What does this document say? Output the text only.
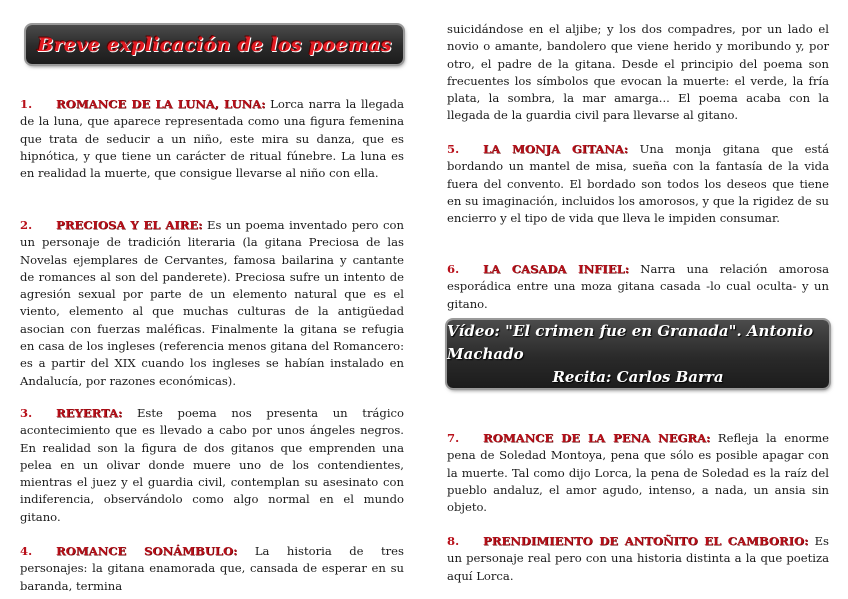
Breve explicación de los poemas

1. ROMANCE DE LA LUNA, LUNA: Lorca narra la llegada de la luna, que aparece representada como una figura femenina que trata de seducir a un niño, este mira su danza, que es hipnótica, y que tiene un carácter de ritual fúnebre. La luna es en realidad la muerte, que consigue llevarse al niño con ella.

2. PRECIOSA Y EL AIRE: Es un poema inventado pero con un personaje de tradición literaria (la gitana Preciosa de las Novelas ejemplares de Cervantes, famosa bailarina y cantante de romances al son del panderete). Preciosa sufre un intento de agresión sexual por parte de un elemento natural que es el viento, elemento al que muchas culturas de la antigüedad asocian con fuerzas maléficas. Finalmente la gitana se refugia en casa de los ingleses (referencia menos gitana del Romancero: es a partir del XIX cuando los ingleses se habían instalado en Andalucía, por razones económicas).

3. REYERTA: Este poema nos presenta un trágico acontecimiento que es llevado a cabo por unos ángeles negros. En realidad son la figura de dos gitanos que emprenden una pelea en un olivar donde muere uno de los contendientes, mientras el juez y el guardia civil, contemplan su asesinato con indiferencia, observándolo como algo normal en el mundo gitano.

4. ROMANCE SONÁMBULO: La historia de tres personajes: la gitana enamorada que, cansada de esperar en su baranda, termina

suicidándose en el aljibe; y los dos compadres, por un lado el novio o amante, bandolero que viene herido y moribundo y, por otro, el padre de la gitana. Desde el principio del poema son frecuentes los símbolos que evocan la muerte: el verde, la fría plata, la sombra, la mar amarga... El poema acaba con la llegada de la guardia civil para llevarse al gitano.

5. LA MONJA GITANA: Una monja gitana que está bordando un mantel de misa, sueña con la fantasía de la vida fuera del convento. El bordado son todos los deseos que tiene en su imaginación, incluidos los amorosos, y que la rigidez de su encierro y el tipo de vida que lleva le impiden consumar.

6. LA CASADA INFIEL: Narra una relación amorosa esporádica entre una moza gitana casada -lo cual oculta- y un gitano.

7. ROMANCE DE LA PENA NEGRA: Refleja la enorme pena de Soledad Montoya, pena que sólo es posible apagar con la muerte. Tal como dijo Lorca, la pena de Soledad es la raíz del pueblo andaluz, el amor agudo, intenso, a nada, un ansia sin objeto.

8. PRENDIMIENTO DE ANTOÑITO EL CAMBORIO: Es un personaje real pero con una historia distinta a la que poetiza aquí Lorca.

Vídeo: "El crimen fue en Granada". Antonio Machado
Recita: Carlos Barra
